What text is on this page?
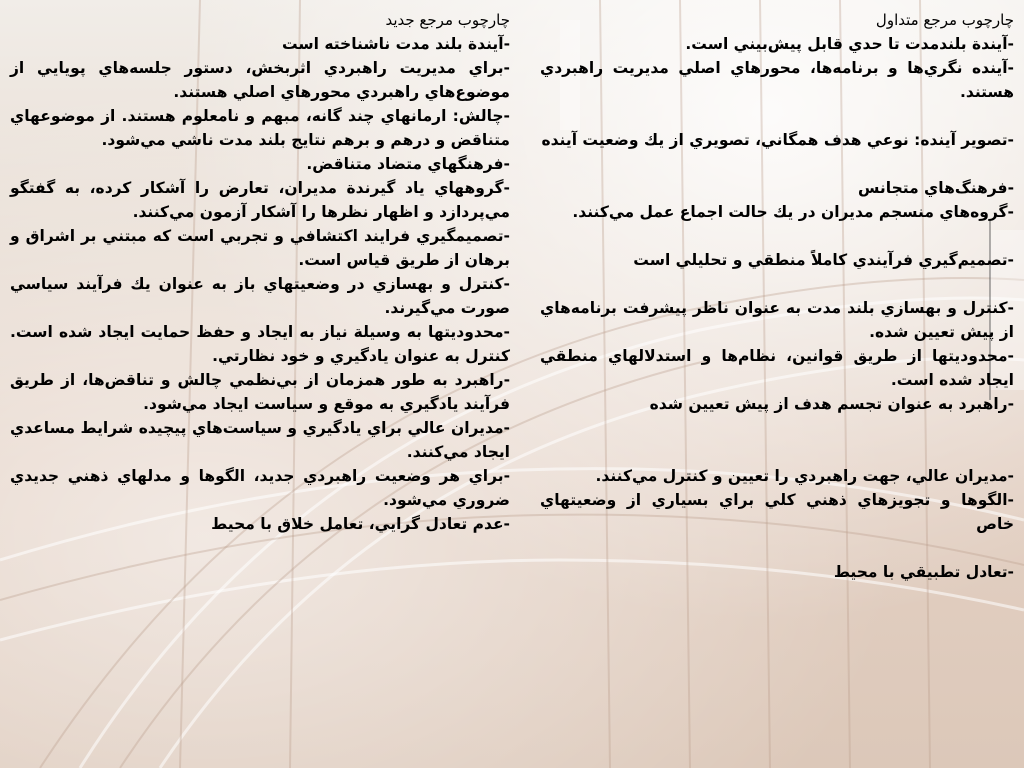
چارچوب مرجع متداول

-آيندة بلندمدت تا حدي قابل پيش‌بيني است.

-آينده نگري‌ها و برنامه‌ها، محورهاي اصلي مديريت راهبردي هستند.

-تصوير آينده: نوعي هدف همگاني، تصويري از يك وضعيت آينده

-فرهنگ‌هاي متجانس

-گروه‌هاي منسجم مديران در يك حالت اجماع عمل مي‌كنند.

-تصميم‌گيري فرآيندي كاملاً منطقي و تحليلي است

-كنترل و بهسازي بلند مدت به عنوان ناظر پيشرفت برنامه‌هاي از پيش تعيين شده.

-محدوديتها از طريق قوانين، نظام‌ها و استدلالهاي منطقي ايجاد شده است.

-راهبرد به عنوان تجسم هدف از پيش تعيين شده

-مديران عالي، جهت راهبردي را تعيين و كنترل مي‌كنند.

-الگوها و تجويزهاي ذهني كلي براي بسياري از وضعيتهاي خاص

-تعادل تطبيقي با محيط

چارچوب مرجع جديد

-آيندة بلند مدت ناشناخته است

-براي مديريت راهبردي اثربخش، دستور جلسه‌هاي پويايي از موضوع‌هاي راهبردي محورهاي اصلي هستند.

-چالش: ارمانهاي چند گانه، مبهم و نامعلوم هستند. از موضوعهاي متناقض و درهم و برهم نتايج بلند مدت ناشي مي‌شود.

-فرهنگهاي متضاد متناقض.

-گروههاي ياد گيرندة مديران، تعارض را آشكار كرده، به گفتگو مي‌پردازد و اظهار نظرها را آشكار آزمون مي‌كنند.

-تصميمگيري فرايند اكتشافي و تجربي است كه مبتني بر اشراق و برهان از طريق قياس است.

-كنترل و بهسازي در وضعيتهاي باز به عنوان يك فرآيند سياسي صورت مي‌گيرند.

-محدوديتها به وسيلة نياز به ايجاد و حفظ حمايت ايجاد شده است. كنترل به عنوان يادگيري و خود نظارتي.

-راهبرد به طور همزمان از بي‌نظمي چالش و تناقض‌ها، از طريق فرآيند يادگيري به موقع و سياست ايجاد مي‌شود.

-مديران عالي براي يادگيري و سياست‌هاي پيچيده شرايط مساعدي ايجاد مي‌كنند.

-براي هر وضعيت راهبردي جديد، الگوها و مدلهاي ذهني جديدي ضروري مي‌شود.

-عدم تعادل گرايي، تعامل خلاق با محيط
